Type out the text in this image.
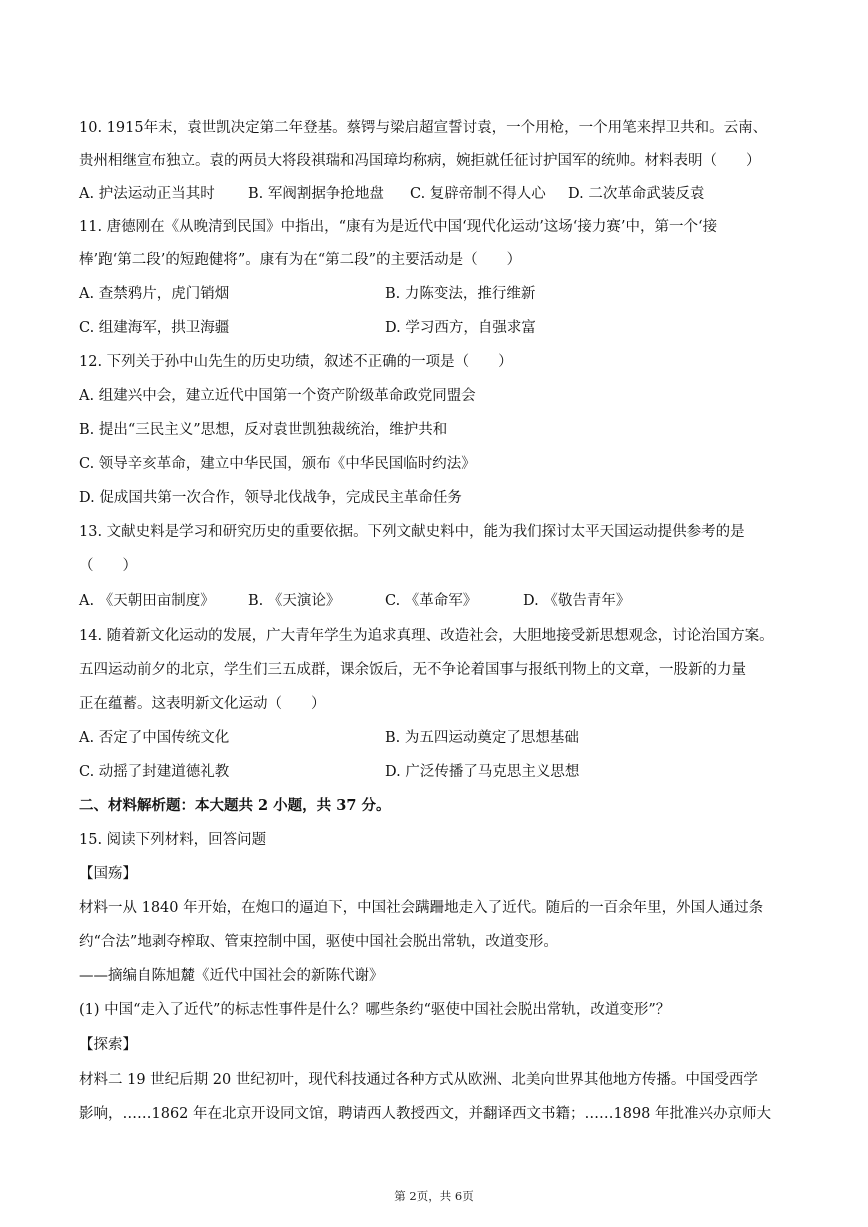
10. 1915年末，袁世凯决定第二年登基。蔡锷与梁启超宣誓讨袁，一个用枪，一个用笔来捍卫共和。云南、
贵州相继宣布独立。袁的两员大将段祺瑞和冯国璋均称病，婉拒就任征讨护国军的统帅。材料表明（　　）
A. 护法运动正当其时 B. 军阀割据争抢地盘 C. 复辟帝制不得人心 D. 二次革命武装反袁
11. 唐德刚在《从晚清到民国》中指出，“康有为是近代中国‘现代化运动’这场‘接力赛’中，第一个‘接
棒’跑‘第二段’的短跑健将”。康有为在“第二段”的主要活动是（　　）
A. 查禁鸦片，虎门销烟	B. 力陈变法，推行维新
C. 组建海军，拱卫海疆	D. 学习西方，自强求富
12. 下列关于孙中山先生的历史功绩，叙述不正确的一项是（　　）
A. 组建兴中会，建立近代中国第一个资产阶级革命政党同盟会
B. 提出“三民主义”思想，反对袁世凯独裁统治，维护共和
C. 领导辛亥革命，建立中华民国，颁布《中华民国临时约法》
D. 促成国共第一次合作，领导北伐战争，完成民主革命任务
13. 文献史料是学习和研究历史的重要依据。下列文献史料中，能为我们探讨太平天国运动提供参考的是
（　　）
A. 《天朝田亩制度》 B. 《天演论》	C. 《革命军》	D. 《敬告青年》
14. 随着新文化运动的发展，广大青年学生为追求真理、改造社会，大胆地接受新思想观念，讨论治国方案。
五四运动前夕的北京，学生们三五成群，课余饭后，无不争论着国事与报纸刊物上的文章，一股新的力量
正在蕴蓄。这表明新文化运动（　　）
A. 否定了中国传统文化	B. 为五四运动奠定了思想基础
C. 动摇了封建道德礼教	D. 广泛传播了马克思主义思想
二、材料解析题：本大题共 2 小题，共 37 分。
15. 阅读下列材料，回答问题
【国殇】
材料一从 1840 年开始，在炮口的逼迫下，中国社会蹒跚地走入了近代。随后的一百余年里，外国人通过条
约“合法”地剥夺榨取、管束控制中国，驱使中国社会脱出常轨，改道变形。
——摘编自陈旭麓《近代中国社会的新陈代谢》
(1) 中国“走入了近代”的标志性事件是什么？哪些条约“驱使中国社会脱出常轨，改道变形”？
【探索】
材料二 19 世纪后期 20 世纪初叶，现代科技通过各种方式从欧洲、北美向世界其他地方传播。中国受西学
影响，……1862 年在北京开设同文馆，聘请西人教授西文，并翻译西文书籍；……1898 年批准兴办京师大
第 2页，共 6页
